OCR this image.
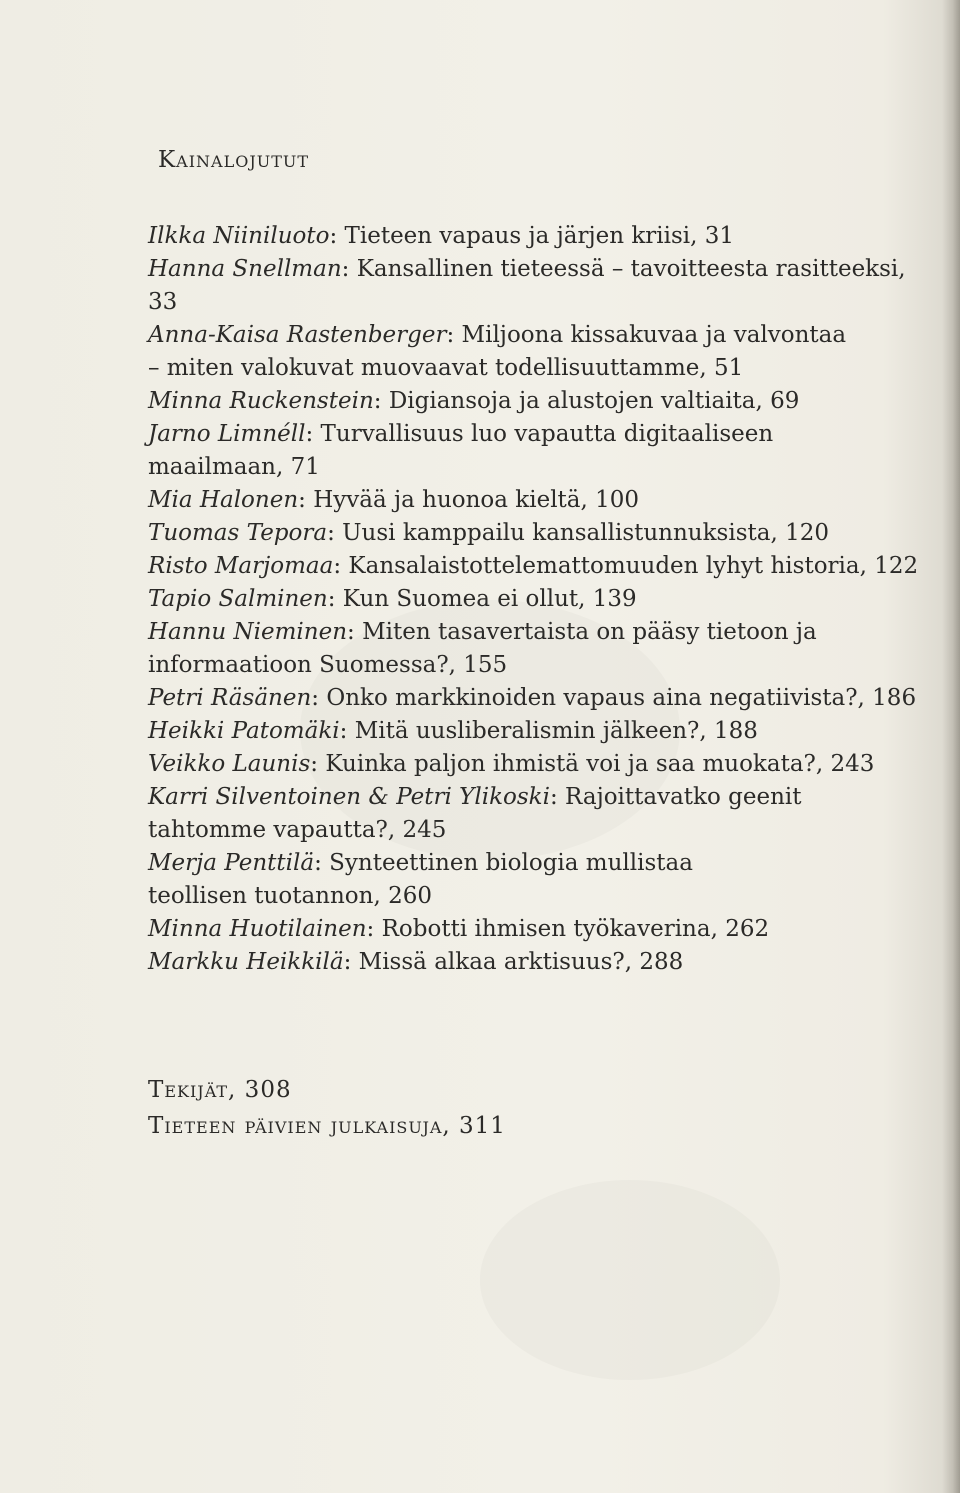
Kainalojutut
Ilkka Niiniluoto: Tieteen vapaus ja järjen kriisi, 31
Hanna Snellman: Kansallinen tieteessä – tavoitteesta rasitteeksi, 33
Anna-Kaisa Rastenberger: Miljoona kissakuvaa ja valvontaa – miten valokuvat muovaavat todellisuuttamme, 51
Minna Ruckenstein: Digiansoja ja alustojen valtiaita, 69
Jarno Limnéll: Turvallisuus luo vapautta digitaaliseen maailmaan, 71
Mia Halonen: Hyvää ja huonoa kieltä, 100
Tuomas Tepora: Uusi kamppailu kansallistunnuksista, 120
Risto Marjomaa: Kansalaistottelemattomuuden lyhyt historia, 122
Tapio Salminen: Kun Suomea ei ollut, 139
Hannu Nieminen: Miten tasavertaista on pääsy tietoon ja informaatioon Suomessa?, 155
Petri Räsänen: Onko markkinoiden vapaus aina negatiivista?, 186
Heikki Patomäki: Mitä uusliberalismin jälkeen?, 188
Veikko Launis: Kuinka paljon ihmistä voi ja saa muokata?, 243
Karri Silventoinen & Petri Ylikoski: Rajoittavatko geenit tahtomme vapautta?, 245
Merja Penttilä: Synteettinen biologia mullistaa teollisen tuotannon, 260
Minna Huotilainen: Robotti ihmisen työkaverina, 262
Markku Heikkilä: Missä alkaa arktisuus?, 288
Tekijät, 308
Tieteen päivien julkaisuja, 311
